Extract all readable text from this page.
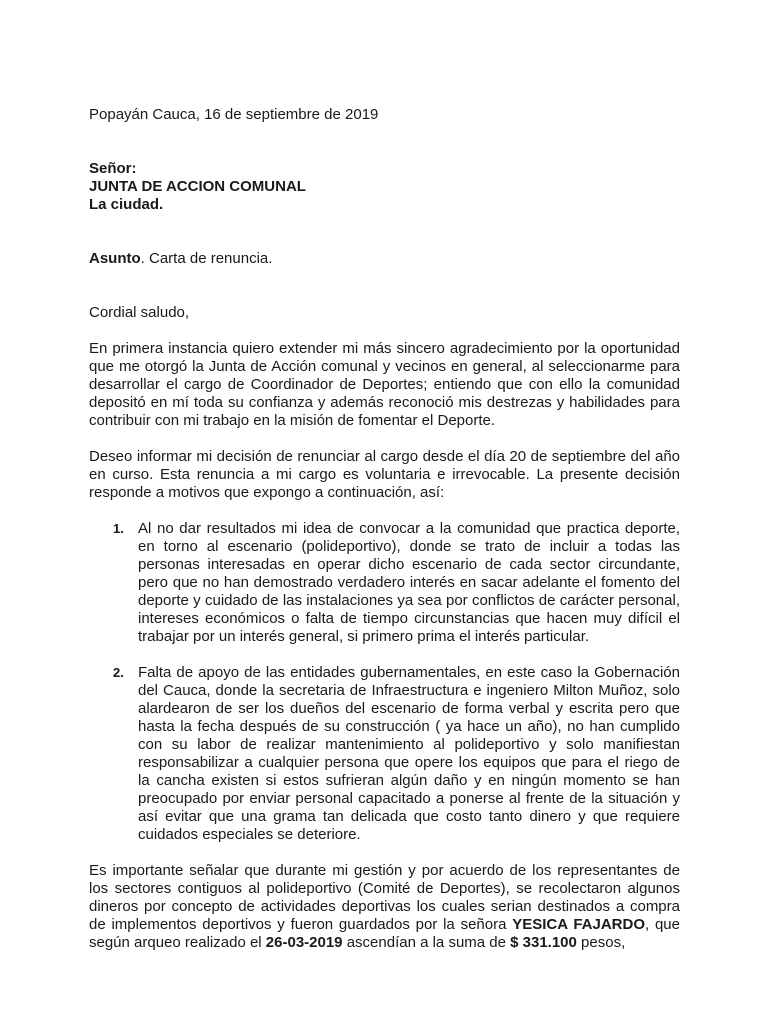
Popayán Cauca, 16 de septiembre de 2019

Señor:

JUNTA DE ACCION COMUNAL

La ciudad.

Asunto. Carta de renuncia.

Cordial saludo,

En primera instancia quiero extender mi más sincero agradecimiento por la oportunidad que me otorgó la Junta de Acción comunal y vecinos en general, al seleccionarme para desarrollar el cargo de Coordinador de Deportes; entiendo que con ello la comunidad depositó en mí toda su confianza y además reconoció mis destrezas y habilidades para contribuir con mi trabajo en la misión de fomentar el Deporte.

Deseo informar mi decisión de renunciar al cargo desde el día 20 de septiembre del año en curso. Esta renuncia a mi cargo es voluntaria e irrevocable. La presente decisión responde a motivos que expongo a continuación, así:

1. Al no dar resultados mi idea de convocar a la comunidad que practica deporte, en torno al escenario (polideportivo), donde se trato de incluir a todas las personas interesadas en operar dicho escenario de cada sector circundante, pero que no han demostrado verdadero interés en sacar adelante el fomento del deporte y cuidado de las instalaciones ya sea por conflictos de carácter personal, intereses económicos o falta de tiempo circunstancias que hacen muy difícil el trabajar por un interés general, si primero prima el interés particular.

2. Falta de apoyo de las entidades gubernamentales, en este caso la Gobernación del Cauca, donde la secretaria de Infraestructura e ingeniero Milton Muñoz, solo alardearon de ser los dueños del escenario de forma verbal y escrita pero que hasta la fecha después de su construcción ( ya hace un año), no han cumplido con su labor de realizar mantenimiento al polideportivo y solo manifiestan responsabilizar a cualquier persona que opere los equipos que para el riego de la cancha existen si estos sufrieran algún daño y en ningún momento se han preocupado por enviar personal capacitado a ponerse al frente de la situación y así evitar que una grama tan delicada que costo tanto dinero y que requiere cuidados especiales se deteriore.

Es importante señalar que durante mi gestión y por acuerdo de los representantes de los sectores contiguos al polideportivo (Comité de Deportes), se recolectaron algunos dineros por concepto de actividades deportivas los cuales serian destinados a compra de implementos deportivos y fueron guardados por la señora YESICA FAJARDO, que según arqueo realizado el 26-03-2019 ascendían a la suma de $ 331.100 pesos,
